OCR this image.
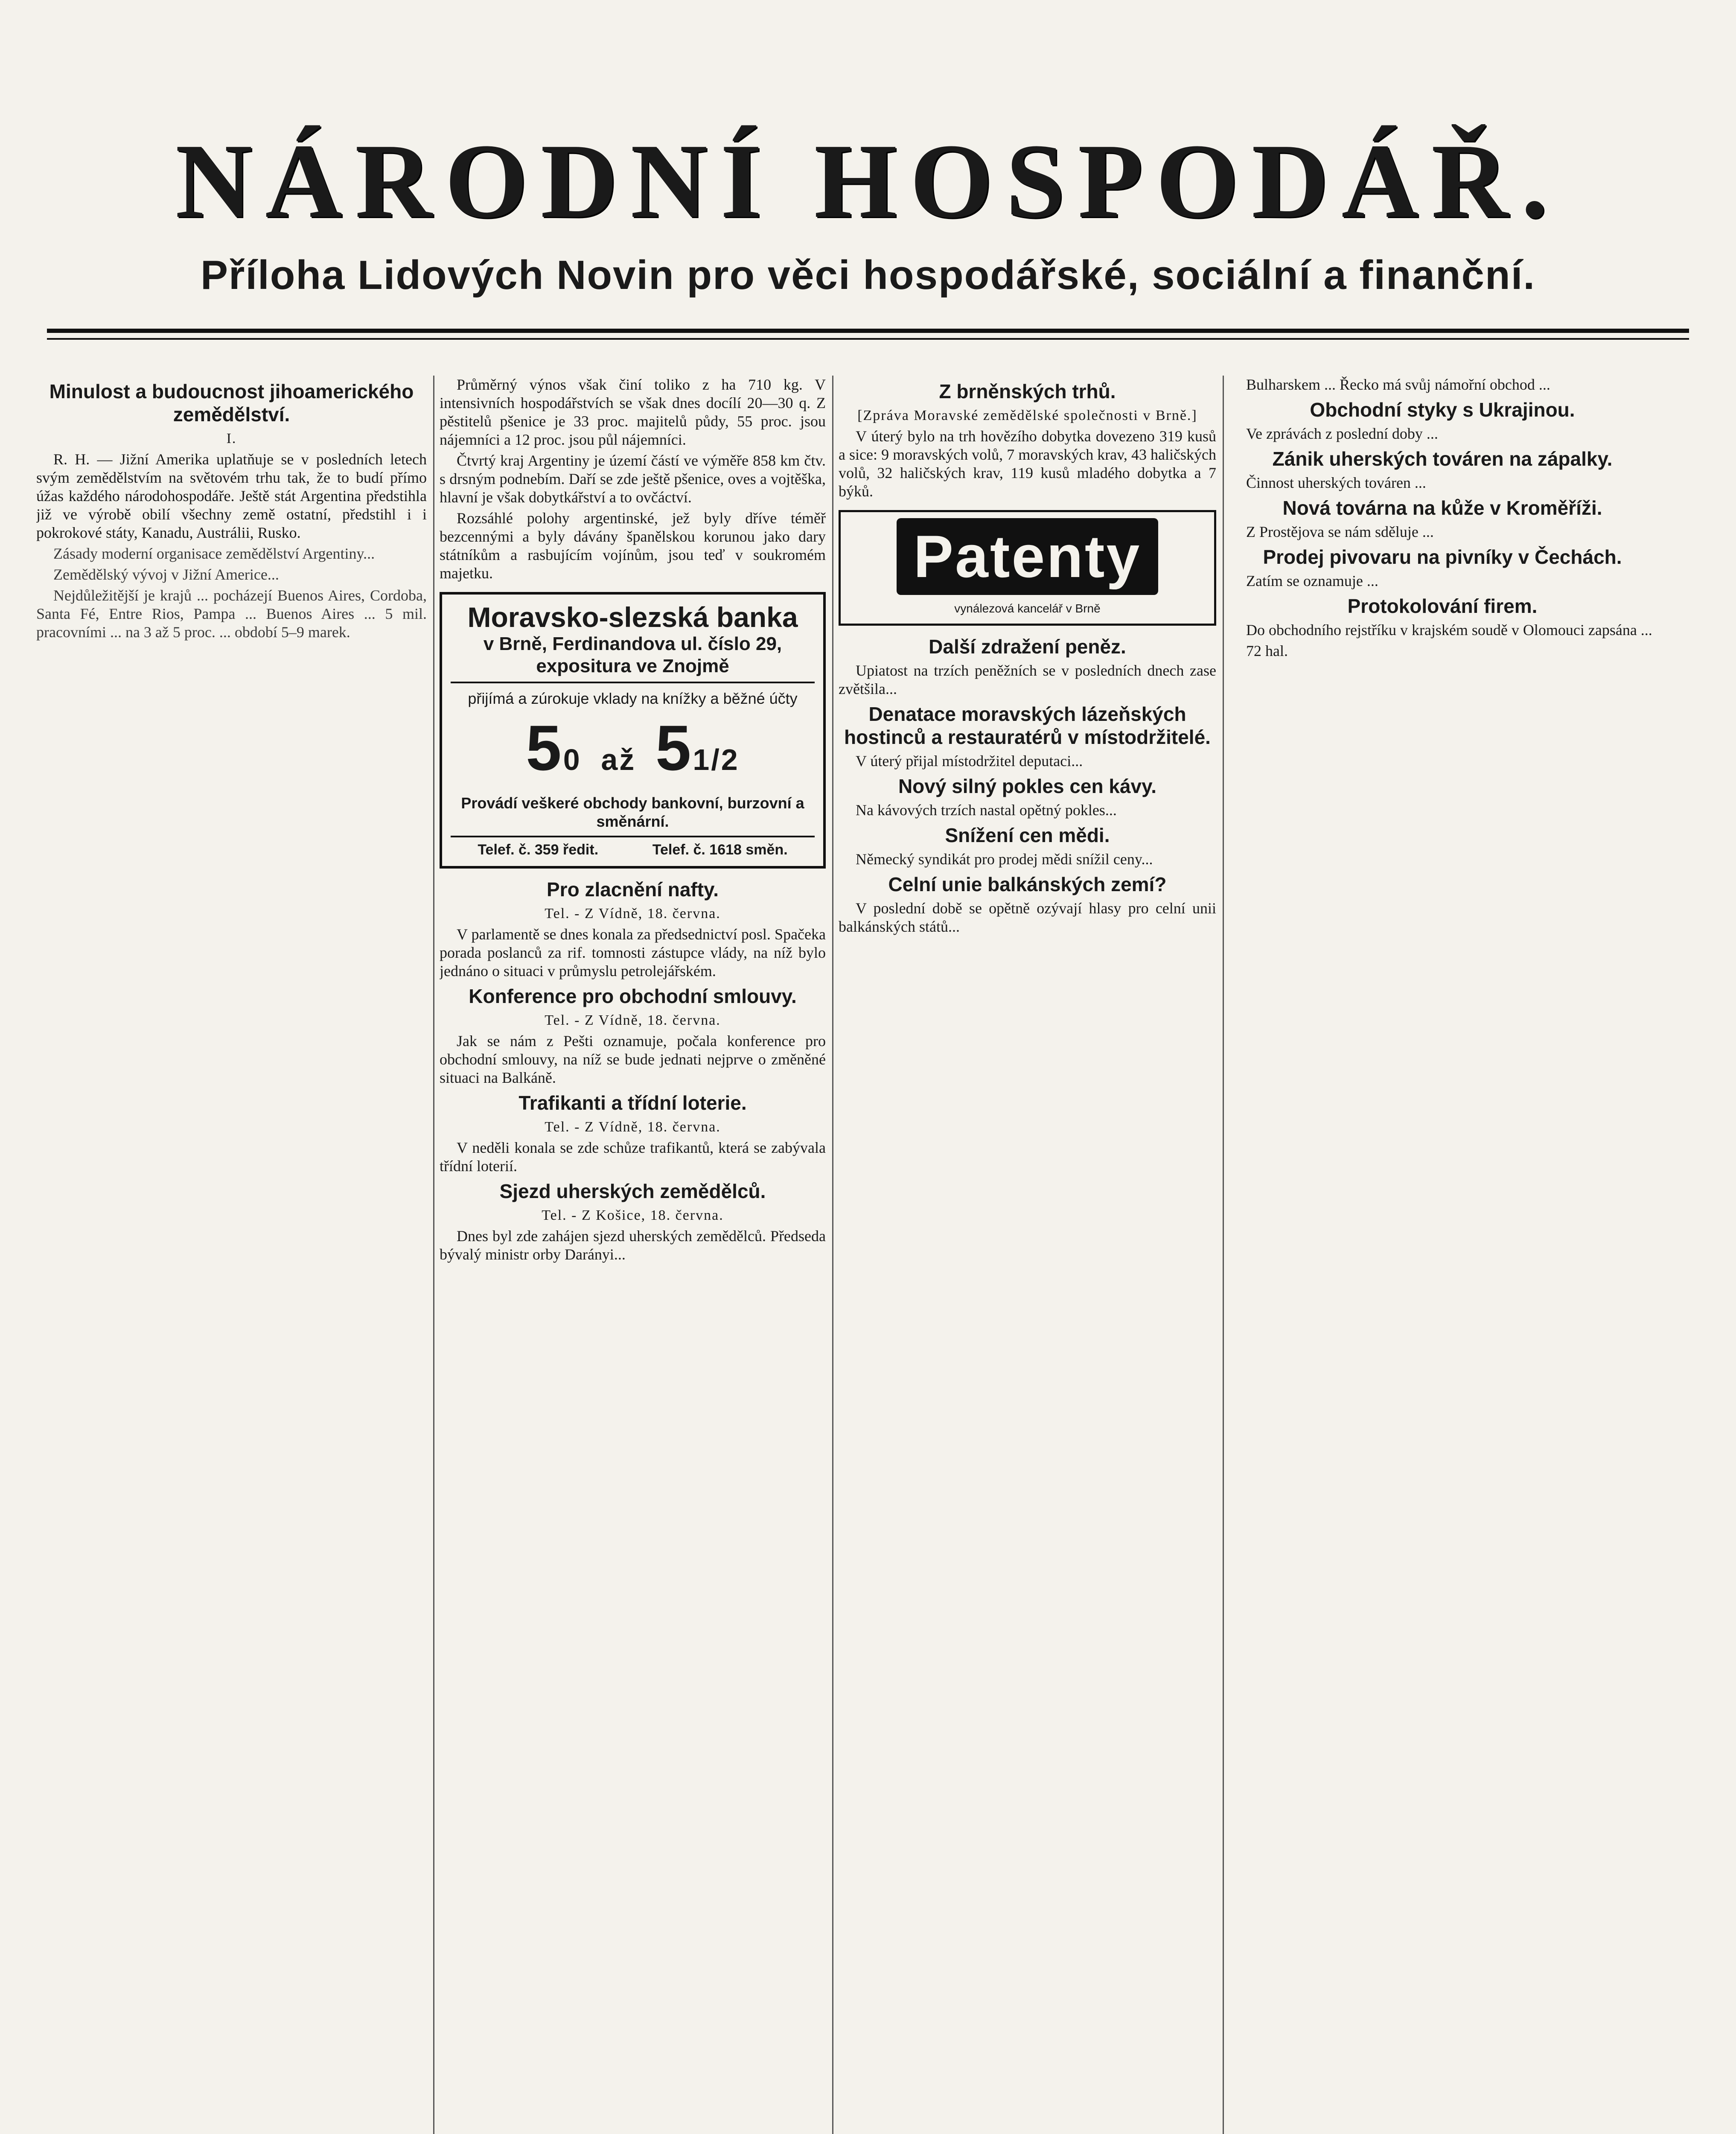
NÁRODNÍ HOSPODÁŘ.
Příloha Lidových Novin pro věci hospodářské, sociální a finanční.
Minulost a budoucnost jihoamerického zemědělství.
I.

R. H. — Jižní Amerika uplatňuje se v posledních letech svým zemědělstvím na světovém trhu tak, že to budí přímo úžas každého národohospodáře. Ještě stát Argentina předstihla již ve výrobě obilí všechny země ostatní, předstihl i i pokrokové státy, Kanadu, Austrálii, Rusko.

Zásady moderní organisace zemědělství Argentiny...

Zemědělský vývoj v Jižní Americe...

Nejdůležitější je krajů ... pocházejí Buenos Aires, Cordoba, Santa Fé, Entre Rios, Pampa ... Buenos Aires ... 5 mil. pracovními ... na 3 až 5 proc. ... období 5–9 marek.

Průměrný výnos však činí toliko z ha 710 kg. V intensivních hospodářstvích se však dnes docílí 20—30 q. Z pěstitelů pšenice je 33 proc. majitelů půdy, 55 proc. jsou nájemníci a 12 proc. jsou půl nájemníci.

Čtvrtý kraj Argentiny je území částí ve výměře 858 km čtv. s drsným podnebím. Daří se zde ještě pšenice, oves a vojtěška, hlavní je však dobytkářství a to ovčáctví.

Rozsáhlé polohy argentinské, jež byly dříve téměř bezcennými a byly dávány španělskou korunou jako dary státníkům a rasbujícím vojínům, jsou teď v soukromém majetku.

Moravsko-slezská banka
v Brně, Ferdinandova ul. číslo 29, expositura ve Znojmě
přijímá a zúrokuje vklady na knížky a běžné účty
50 až 51/2
Provádí veškeré obchody bankovní, burzovní a směnární.
Telef. č. 359 ředit.	Telef. č. 1618 směn.
Pro zlacnění nafty.
Tel. - Z Vídně, 18. června.

V parlamentě se dnes konala za předsednictví posl. Spačeka porada poslanců za rif. tomnosti zástupce vlády, na níž bylo jednáno o situaci v průmyslu petrolejářském.

Konference pro obchodní smlouvy.
Tel. - Z Vídně, 18. června.

Jak se nám z Pešti oznamuje, počala konference pro obchodní smlouvy, na níž se bude jednati nejprve o změněné situaci na Balkáně.

Trafikanti a třídní loterie.
Tel. - Z Vídně, 18. června.

V neděli konala se zde schůze trafikantů, která se zabývala třídní loterií.

Sjezd uherských zemědělců.
Tel. - Z Košice, 18. června.

Dnes byl zde zahájen sjezd uherských zemědělců. Předseda bývalý ministr orby Darányi...

Z brněnských trhů.
[Zpráva Moravské zemědělské společnosti v Brně.]

V úterý bylo na trh hovězího dobytka dovezeno 319 kusů a sice: 9 moravských volů, 7 moravských krav, 43 haličských volů, 32 haličských krav, 119 kusů mladého dobytka a 7 býků.

Patenty
vynálezová kancelář v Brně
Další zdražení peněz.

Upiatost na trzích peněžních se v posledních dnech zase zvětšila...

Denatace moravských lázeňských hostinců a restauratérů v místodržitelé.

V úterý přijal místodržitel deputaci...

Nový silný pokles cen kávy.

Na kávových trzích nastal opětný pokles...

Snížení cen mědi.

Německý syndikát pro prodej mědi snížil ceny...

Celní unie balkánských zemí?

V poslední době se opětně ozývají hlasy pro celní unii balkánských států...

Bulharskem ... Řecko má svůj námořní obchod ...

Obchodní styky s Ukrajinou.

Ve zprávách z poslední doby ...

Zánik uherských továren na zápalky.

Činnost uherských továren ...

Nová továrna na kůže v Kroměříži.

Z Prostějova se nám sděluje ...

Prodej pivovaru na pivníky v Čechách.

Zatím se oznamuje ...

Protokolování firem.

Do obchodního rejstříku v krajském soudě v Olomouci zapsána ...

72 hal.
